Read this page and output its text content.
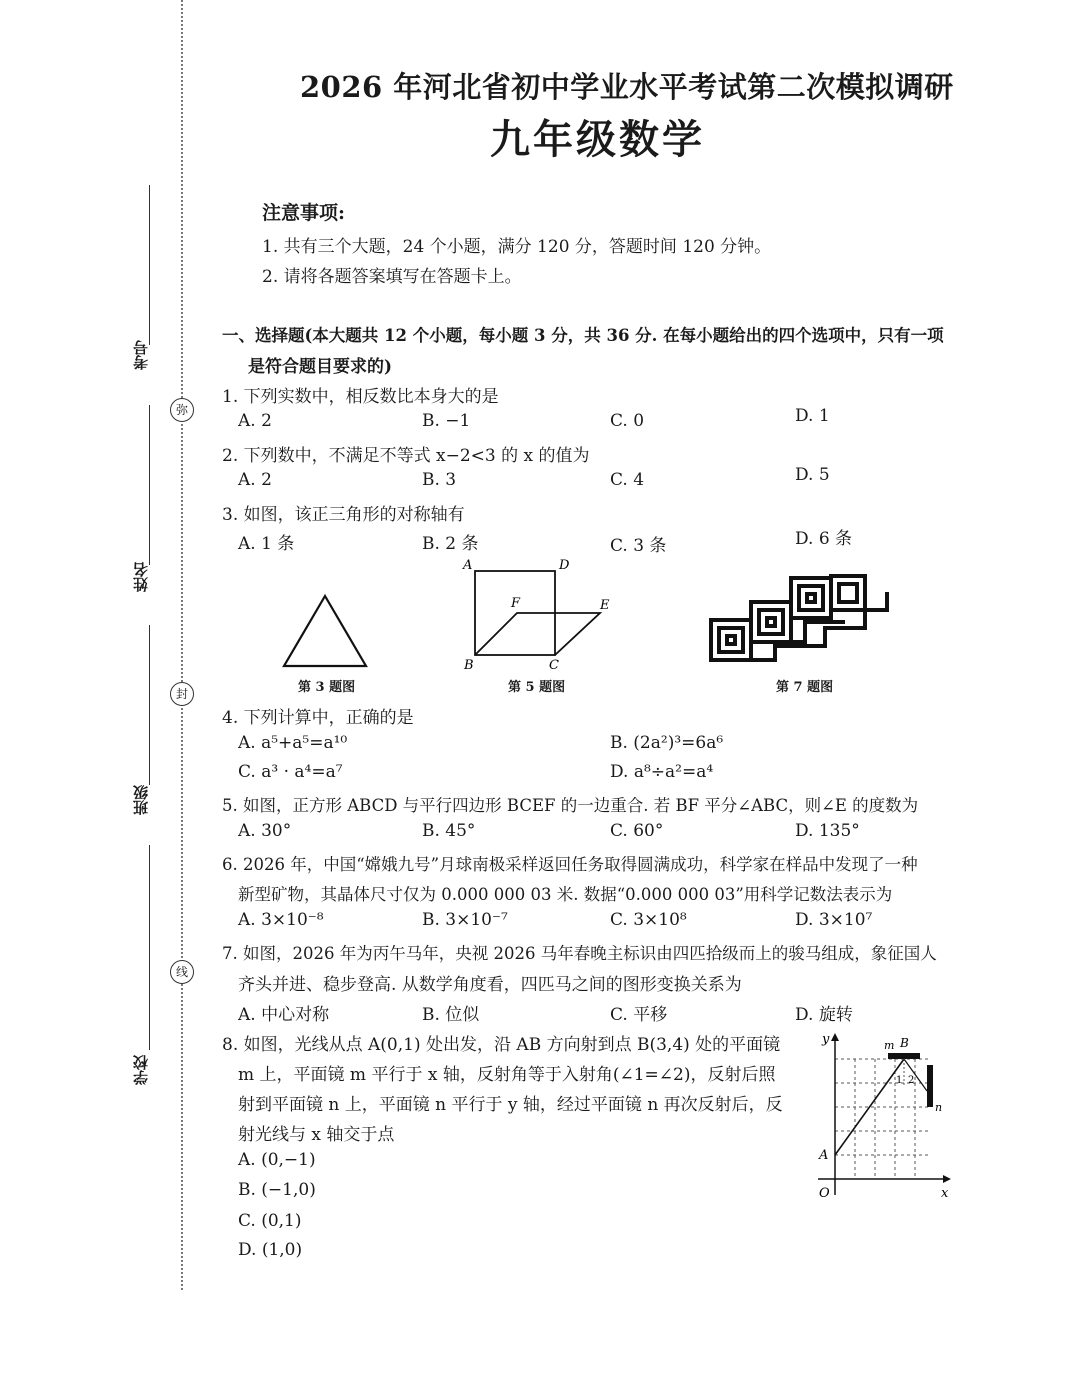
弥
封
线
考号
姓名
班级
学校
2026 年河北省初中学业水平考试第二次模拟调研
九年级数学
注意事项:
1. 共有三个大题，24 个小题，满分 120 分，答题时间 120 分钟。
2. 请将各题答案填写在答题卡上。
一、选择题(本大题共 12 个小题，每小题 3 分，共 36 分. 在每小题给出的四个选项中，只有一项
是符合题目要求的)
1. 下列实数中，相反数比本身大的是
A. 2	B. −1	C. 0	D. 1
2. 下列数中，不满足不等式 x−2<3 的 x 的值为
A. 2	B. 3	C. 4	D. 5
3. 如图，该正三角形的对称轴有
A. 1 条	B. 2 条	C. 3 条	D. 6 条
第 3 题图
A	D
F	E
B	C
第 5 题图	第 7 题图
4. 下列计算中，正确的是
A. a⁵+a⁵=a¹⁰	B. (2a²)³=6a⁶
C. a³ · a⁴=a⁷	D. a⁸÷a²=a⁴
5. 如图，正方形 ABCD 与平行四边形 BCEF 的一边重合. 若 BF 平分∠ABC，则∠E 的度数为
A. 30°	B. 45°	C. 60°	D. 135°
6. 2026 年，中国“嫦娥九号”月球南极采样返回任务取得圆满成功，科学家在样品中发现了一种
新型矿物，其晶体尺寸仅为 0.000 000 03 米. 数据“0.000 000 03”用科学记数法表示为
A. 3×10⁻⁸	B. 3×10⁻⁷	C. 3×10⁸	D. 3×10⁷
7. 如图，2026 年为丙午马年，央视 2026 马年春晚主标识由四匹拾级而上的骏马组成，象征国人
齐头并进、稳步登高. 从数学角度看，四匹马之间的图形变换关系为
A. 中心对称	B. 位似	C. 平移	D. 旋转
8. 如图，光线从点 A(0,1) 处出发，沿 AB 方向射到点 B(3,4) 处的平面镜
m 上，平面镜 m 平行于 x 轴，反射角等于入射角(∠1=∠2)，反射后照
射到平面镜 n 上，平面镜 n 平行于 y 轴，经过平面镜 n 再次反射后，反
射光线与 x 轴交于点
A. (0,−1)
B. (−1,0)
C. (0,1)
D. (1,0)
y
x
O
A
B
m
n
1 2
